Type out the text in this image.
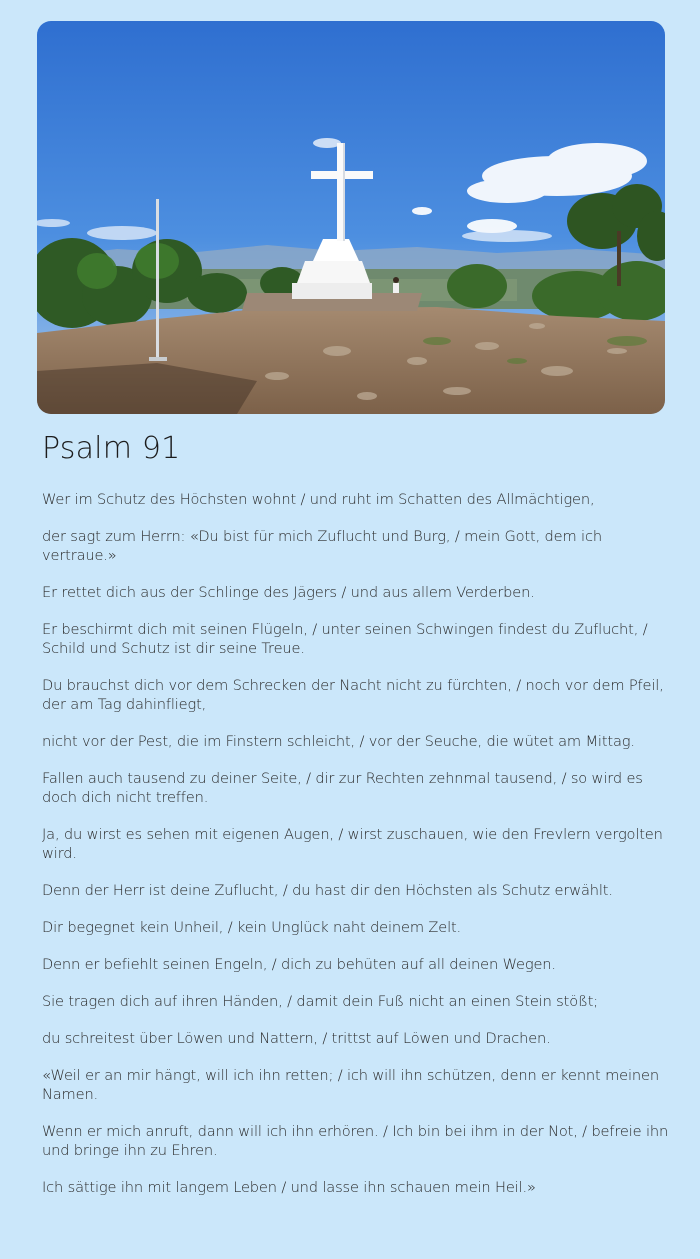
Psalm 91

Wer im Schutz des Höchsten wohnt / und ruht im Schatten des Allmächtigen,

der sagt zum Herrn: «Du bist für mich Zuflucht und Burg, / mein Gott, dem ich vertraue.»

Er rettet dich aus der Schlinge des Jägers / und aus allem Verderben.

Er beschirmt dich mit seinen Flügeln, / unter seinen Schwingen findest du Zuflucht, / Schild und Schutz ist dir seine Treue.

Du brauchst dich vor dem Schrecken der Nacht nicht zu fürchten, / noch vor dem Pfeil, der am Tag dahinfliegt,

nicht vor der Pest, die im Finstern schleicht, / vor der Seuche, die wütet am Mittag.

Fallen auch tausend zu deiner Seite, / dir zur Rechten zehnmal tausend, / so wird es doch dich nicht treffen.

Ja, du wirst es sehen mit eigenen Augen, / wirst zuschauen, wie den Frevlern vergolten wird.

Denn der Herr ist deine Zuflucht, / du hast dir den Höchsten als Schutz erwählt.

Dir begegnet kein Unheil, / kein Unglück naht deinem Zelt.

Denn er befiehlt seinen Engeln, / dich zu behüten auf all deinen Wegen.

Sie tragen dich auf ihren Händen, / damit dein Fuß nicht an einen Stein stößt;

du schreitest über Löwen und Nattern, / trittst auf Löwen und Drachen.

«Weil er an mir hängt, will ich ihn retten; / ich will ihn schützen, denn er kennt meinen Namen.

Wenn er mich anruft, dann will ich ihn erhören. / Ich bin bei ihm in der Not, / befreie ihn und bringe ihn zu Ehren.

Ich sättige ihn mit langem Leben / und lasse ihn schauen mein Heil.»
